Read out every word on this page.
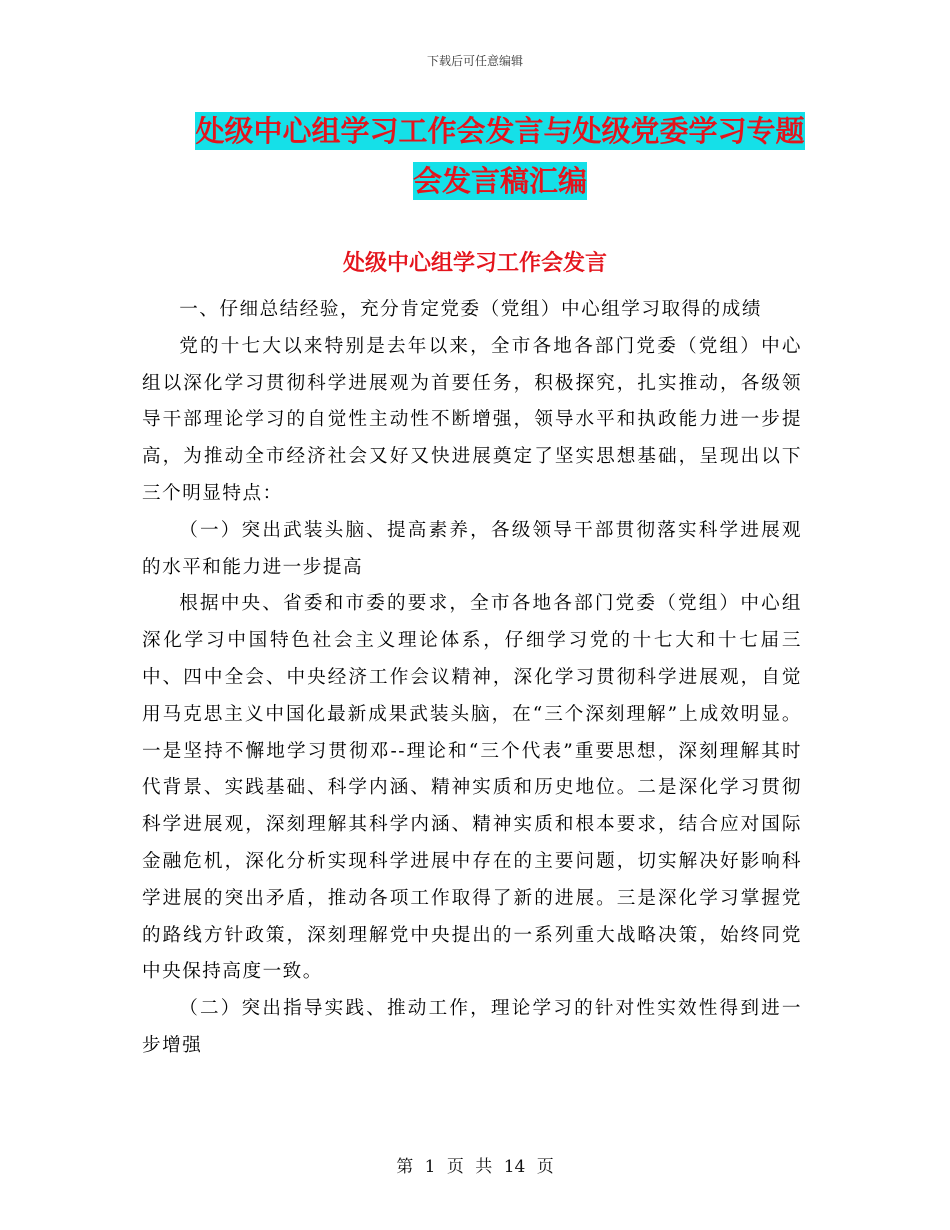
下载后可任意编辑
处级中心组学习工作会发言与处级党委学习专题会发言稿汇编
处级中心组学习工作会发言

一、仔细总结经验，充分肯定党委（党组）中心组学习取得的成绩

党的十七大以来特别是去年以来，全市各地各部门党委（党组）中心组以深化学习贯彻科学进展观为首要任务，积极探究，扎实推动，各级领导干部理论学习的自觉性主动性不断增强，领导水平和执政能力进一步提高，为推动全市经济社会又好又快进展奠定了坚实思想基础，呈现出以下三个明显特点：

（一）突出武装头脑、提高素养，各级领导干部贯彻落实科学进展观的水平和能力进一步提高

根据中央、省委和市委的要求，全市各地各部门党委（党组）中心组深化学习中国特色社会主义理论体系，仔细学习党的十七大和十七届三中、四中全会、中央经济工作会议精神，深化学习贯彻科学进展观，自觉用马克思主义中国化最新成果武装头脑，在“三个深刻理解”上成效明显。一是坚持不懈地学习贯彻邓--理论和“三个代表”重要思想，深刻理解其时代背景、实践基础、科学内涵、精神实质和历史地位。二是深化学习贯彻科学进展观，深刻理解其科学内涵、精神实质和根本要求，结合应对国际金融危机，深化分析实现科学进展中存在的主要问题，切实解决好影响科学进展的突出矛盾，推动各项工作取得了新的进展。三是深化学习掌握党的路线方针政策，深刻理解党中央提出的一系列重大战略决策，始终同党中央保持高度一致。

（二）突出指导实践、推动工作，理论学习的针对性实效性得到进一步增强

第 1 页 共 14 页
